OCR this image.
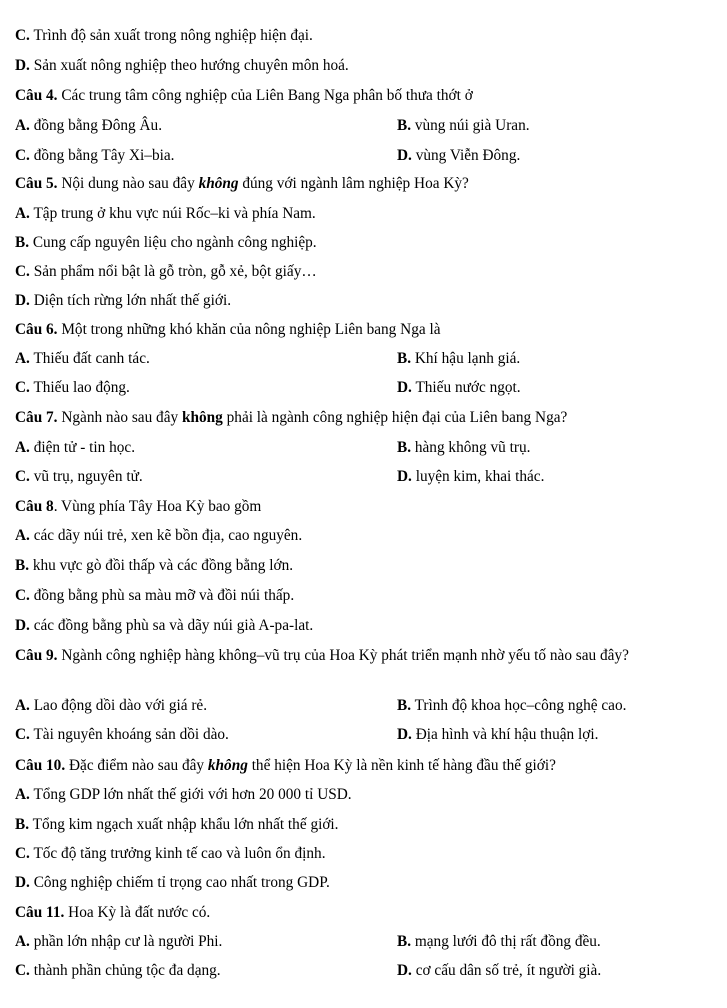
C. Trình độ sản xuất trong nông nghiệp hiện đại.
D. Sản xuất nông nghiệp theo hướng chuyên môn hoá.
Câu 4. Các trung tâm công nghiệp của Liên Bang Nga phân bố thưa thớt ở
A. đồng bằng Đông Âu.	B. vùng núi già Uran.
C. đồng bằng Tây Xi–bia.	D. vùng Viễn Đông.
Câu 5. Nội dung nào sau đây không đúng với ngành lâm nghiệp Hoa Kỳ?
A. Tập trung ở khu vực núi Rốc–ki và phía Nam.
B. Cung cấp nguyên liệu cho ngành công nghiệp.
C. Sản phẩm nổi bật là gỗ tròn, gỗ xẻ, bột giấy…
D. Diện tích rừng lớn nhất thế giới.
Câu 6. Một trong những khó khăn của nông nghiệp Liên bang Nga là
A. Thiếu đất canh tác.	B. Khí hậu lạnh giá.
C. Thiếu lao động.	D. Thiếu nước ngọt.
Câu 7. Ngành nào sau đây không phải là ngành công nghiệp hiện đại của Liên bang Nga?
A. điện tử - tin học.	B. hàng không vũ trụ.
C. vũ trụ, nguyên tử.	D. luyện kim, khai thác.
Câu 8. Vùng phía Tây Hoa Kỳ bao gồm
A. các dãy núi trẻ, xen kẽ bồn địa, cao nguyên.
B. khu vực gò đồi thấp và các đồng bằng lớn.
C. đồng bằng phù sa màu mỡ và đồi núi thấp.
D. các đồng bằng phù sa và dãy núi già A-pa-lat.
Câu 9. Ngành công nghiệp hàng không–vũ trụ của Hoa Kỳ phát triển mạnh nhờ yếu tố nào sau đây?
A. Lao động dồi dào với giá rẻ.	B. Trình độ khoa học–công nghệ cao.
C. Tài nguyên khoáng sản dồi dào.	D. Địa hình và khí hậu thuận lợi.
Câu 10. Đặc điểm nào sau đây không thể hiện Hoa Kỳ là nền kinh tế hàng đầu thế giới?
A. Tổng GDP lớn nhất thế giới với hơn 20 000 tỉ USD.
B. Tổng kim ngạch xuất nhập khẩu lớn nhất thế giới.
C. Tốc độ tăng trưởng kinh tế cao và luôn ổn định.
D. Công nghiệp chiếm tỉ trọng cao nhất trong GDP.
Câu 11. Hoa Kỳ là đất nước có.
A. phần lớn nhập cư là người Phi.	B. mạng lưới đô thị rất đồng đều.
C. thành phần chủng tộc đa dạng.	D. cơ cấu dân số trẻ, ít người già.
